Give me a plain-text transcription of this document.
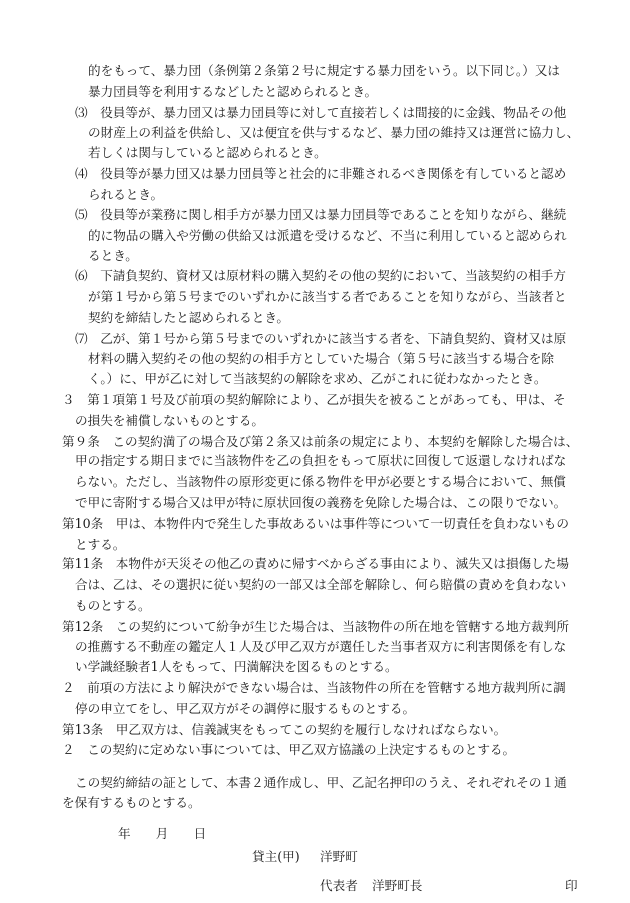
的をもって、暴力団（条例第２条第２号に規定する暴力団をいう。以下同じ。）又は
暴力団員等を利用するなどしたと認められるとき。
⑶　役員等が、暴力団又は暴力団員等に対して直接若しくは間接的に金銭、物品その他
の財産上の利益を供給し、又は便宜を供与するなど、暴力団の維持又は運営に協力し、
若しくは関与していると認められるとき。
⑷　役員等が暴力団又は暴力団員等と社会的に非難されるべき関係を有していると認め
られるとき。
⑸　役員等が業務に関し相手方が暴力団又は暴力団員等であることを知りながら、継続
的に物品の購入や労働の供給又は派遣を受けるなど、不当に利用していると認められ
るとき。
⑹　下請負契約、資材又は原材料の購入契約その他の契約において、当該契約の相手方
が第１号から第５号までのいずれかに該当する者であることを知りながら、当該者と
契約を締結したと認められるとき。
⑺　乙が、第１号から第５号までのいずれかに該当する者を、下請負契約、資材又は原
材料の購入契約その他の契約の相手方としていた場合（第５号に該当する場合を除
く。）に、甲が乙に対して当該契約の解除を求め、乙がこれに従わなかったとき。
３　第１項第１号及び前項の契約解除により、乙が損失を被ることがあっても、甲は、そ
の損失を補償しないものとする。
第９条　この契約満了の場合及び第２条又は前条の規定により、本契約を解除した場合は、
甲の指定する期日までに当該物件を乙の負担をもって原状に回復して返還しなければな
らない。ただし、当該物件の原形変更に係る物件を甲が必要とする場合において、無償
で甲に寄附する場合又は甲が特に原状回復の義務を免除した場合は、この限りでない。
第10条　甲は、本物件内で発生した事故あるいは事件等について一切責任を負わないもの
とする。
第11条　本物件が天災その他乙の責めに帰すべからざる事由により、滅失又は損傷した場
合は、乙は、その選択に従い契約の一部又は全部を解除し、何ら賠償の責めを負わない
ものとする。
第12条　この契約について紛争が生じた場合は、当該物件の所在地を管轄する地方裁判所
の推薦する不動産の鑑定人１人及び甲乙双方が選任した当事者双方に利害関係を有しな
い学識経験者1人をもって、円満解決を図るものとする。
２　前項の方法により解決ができない場合は、当該物件の所在を管轄する地方裁判所に調
停の申立てをし、甲乙双方がその調停に服するものとする。
第13条　甲乙双方は、信義誠実をもってこの契約を履行しなければならない。
２　この契約に定めない事については、甲乙双方協議の上決定するものとする。
この契約締結の証として、本書２通作成し、甲、乙記名押印のうえ、それぞれその１通
を保有するものとする。
年　　月　　日
貸主(甲) 洋野町
代表者 洋野町長	印
